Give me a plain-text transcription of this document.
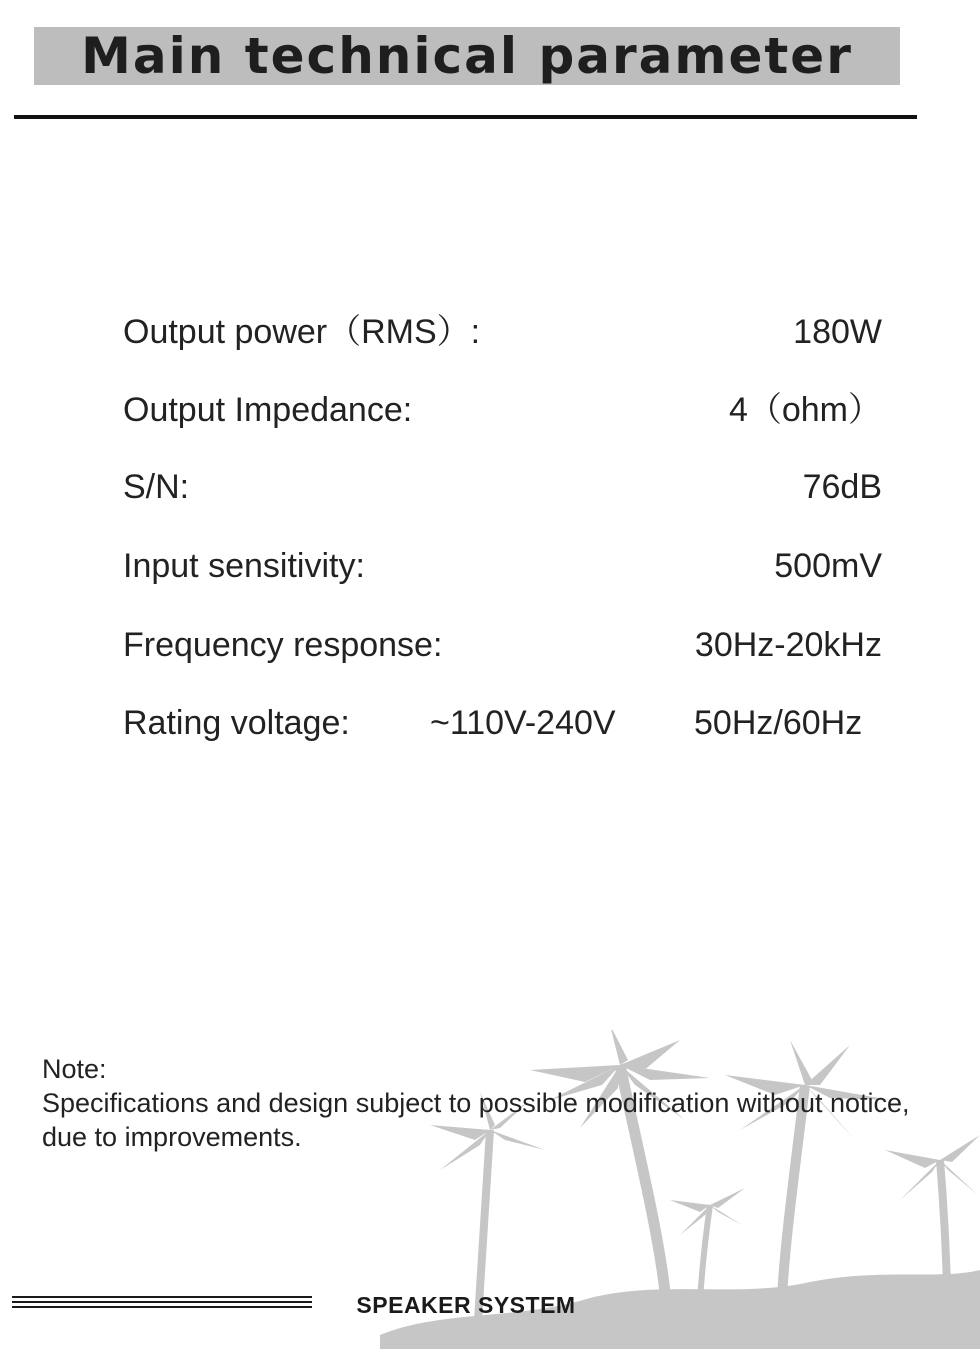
Main technical parameter
Output power（RMS）:	180W
Output Impedance:	4（ohm）
S/N:	76dB
Input sensitivity:	500mV
Frequency response:	30Hz-20kHz
Rating voltage: ~110V-240V 50Hz/60Hz
Note:
Specifications and design subject to possible modification without notice, due to improvements.
SPEAKER SYSTEM
